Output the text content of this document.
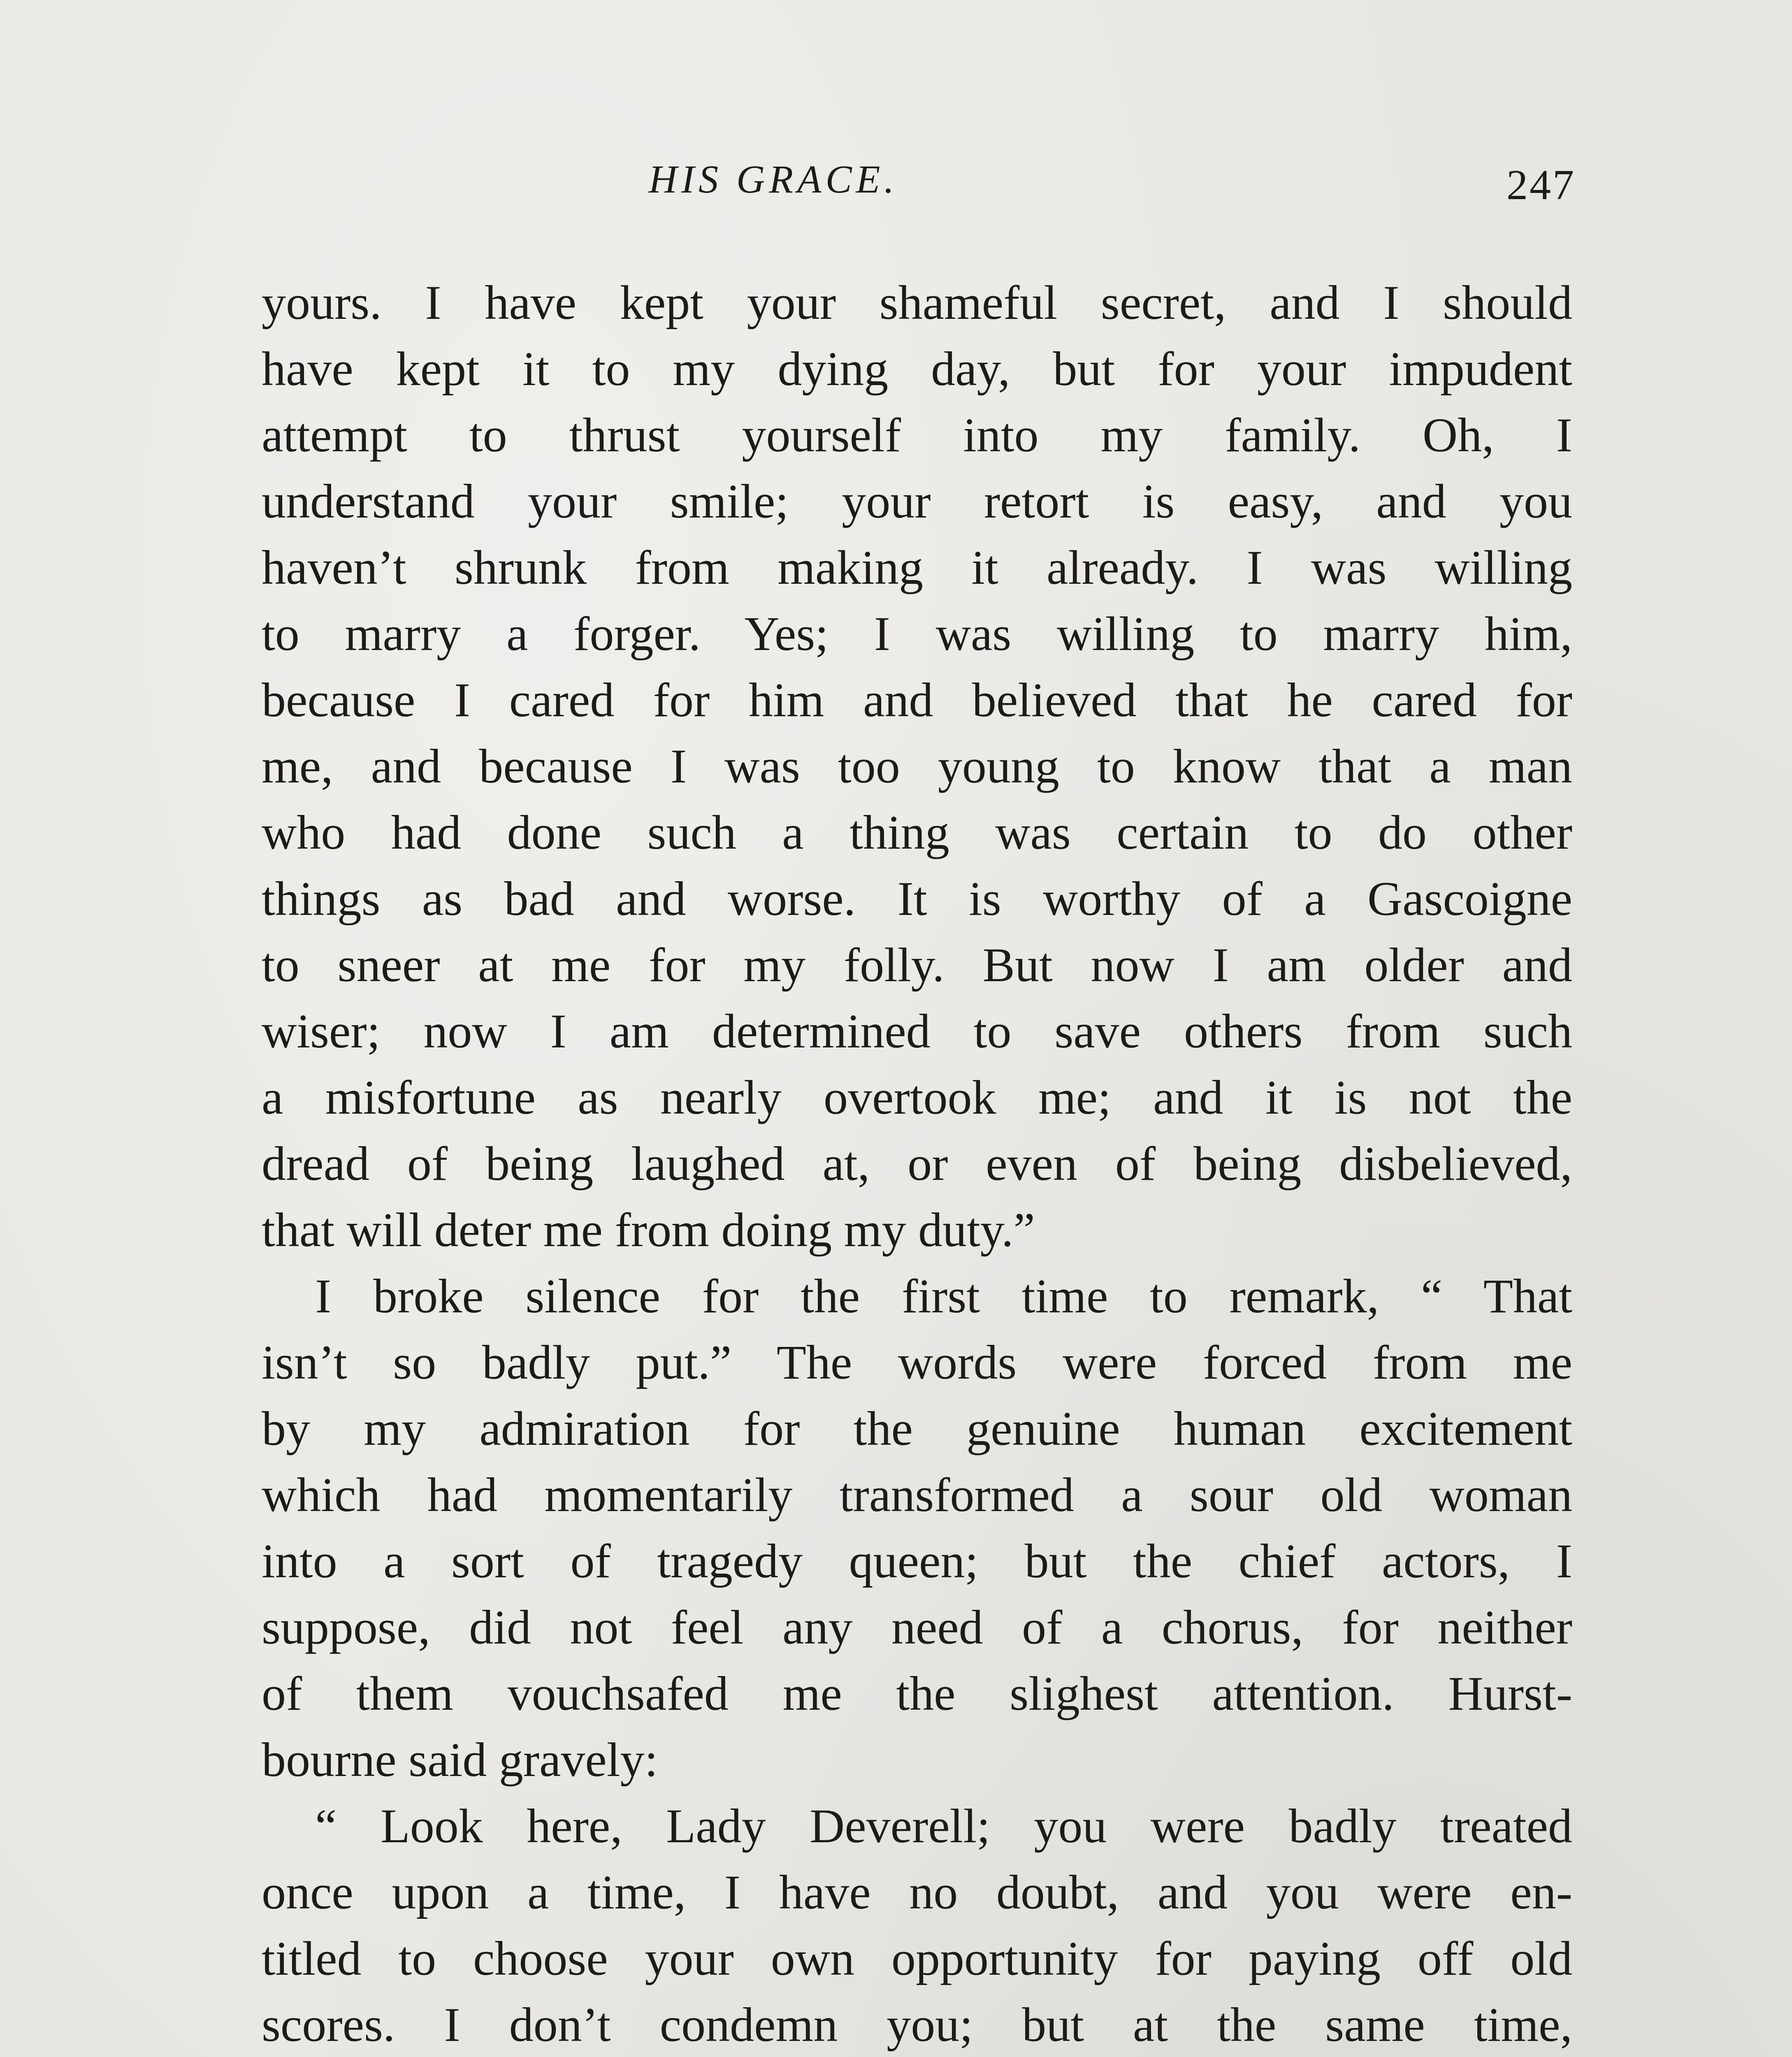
HIS GRACE.	247
yours. I have kept your shameful secret, and I should
have kept it to my dying day, but for your impudent
attempt to thrust yourself into my family. Oh, I
understand your smile; your retort is easy, and you
haven’t shrunk from making it already. I was willing
to marry a forger. Yes; I was willing to marry him,
because I cared for him and believed that he cared for
me, and because I was too young to know that a man
who had done such a thing was certain to do other
things as bad and worse. It is worthy of a Gascoigne
to sneer at me for my folly. But now I am older and
wiser; now I am determined to save others from such
a misfortune as nearly overtook me; and it is not the
dread of being laughed at, or even of being disbelieved,
that will deter me from doing my duty.”
I broke silence for the first time to remark, “ That
isn’t so badly put.” The words were forced from me
by my admiration for the genuine human excitement
which had momentarily transformed a sour old woman
into a sort of tragedy queen; but the chief actors, I
suppose, did not feel any need of a chorus, for neither
of them vouchsafed me the slighest attention. Hurst-
bourne said gravely:
“ Look here, Lady Deverell; you were badly treated
once upon a time, I have no doubt, and you were en-
titled to choose your own opportunity for paying off old
scores. I don’t condemn you; but at the same time,
